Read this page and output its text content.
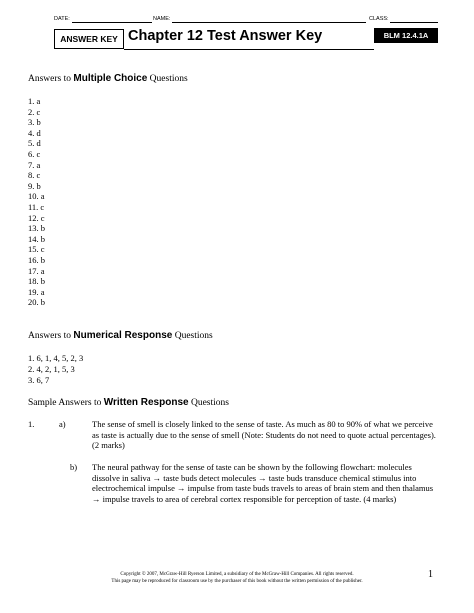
DATE:	NAME:	CLASS:
ANSWER KEY Chapter 12 Test Answer Key	BLM 12.4.1A
Answers to Multiple Choice Questions
1. a
2. c
3. b
4. d
5. d
6. c
7. a
8. c
9. b
10. a
11. c
12. c
13. b
14. b
15. c
16. b
17. a
18. b
19. a
20. b
Answers to Numerical Response Questions
1. 6, 1, 4, 5, 2, 3
2. 4, 2, 1, 5, 3
3. 6, 7
Sample Answers to Written Response Questions
1.	a)	The sense of smell is closely linked to the sense of taste. As much as 80 to 90% of what we perceive as taste is actually due to the sense of smell (Note: Students do not need to quote actual percentages). (2 marks)
b) The neural pathway for the sense of taste can be shown by the following flowchart: molecules dissolve in saliva → taste buds detect molecules → taste buds transduce chemical stimulus into electrochemical impulse → impulse from taste buds travels to areas of brain stem and then thalamus → impulse travels to area of cerebral cortex responsible for perception of taste. (4 marks)
Copyright © 2007, McGraw-Hill Ryerson Limited, a subsidiary of the McGraw-Hill Companies. All rights reserved.
This page may be reproduced for classroom use by the purchaser of this book without the written permission of the publisher.
1
